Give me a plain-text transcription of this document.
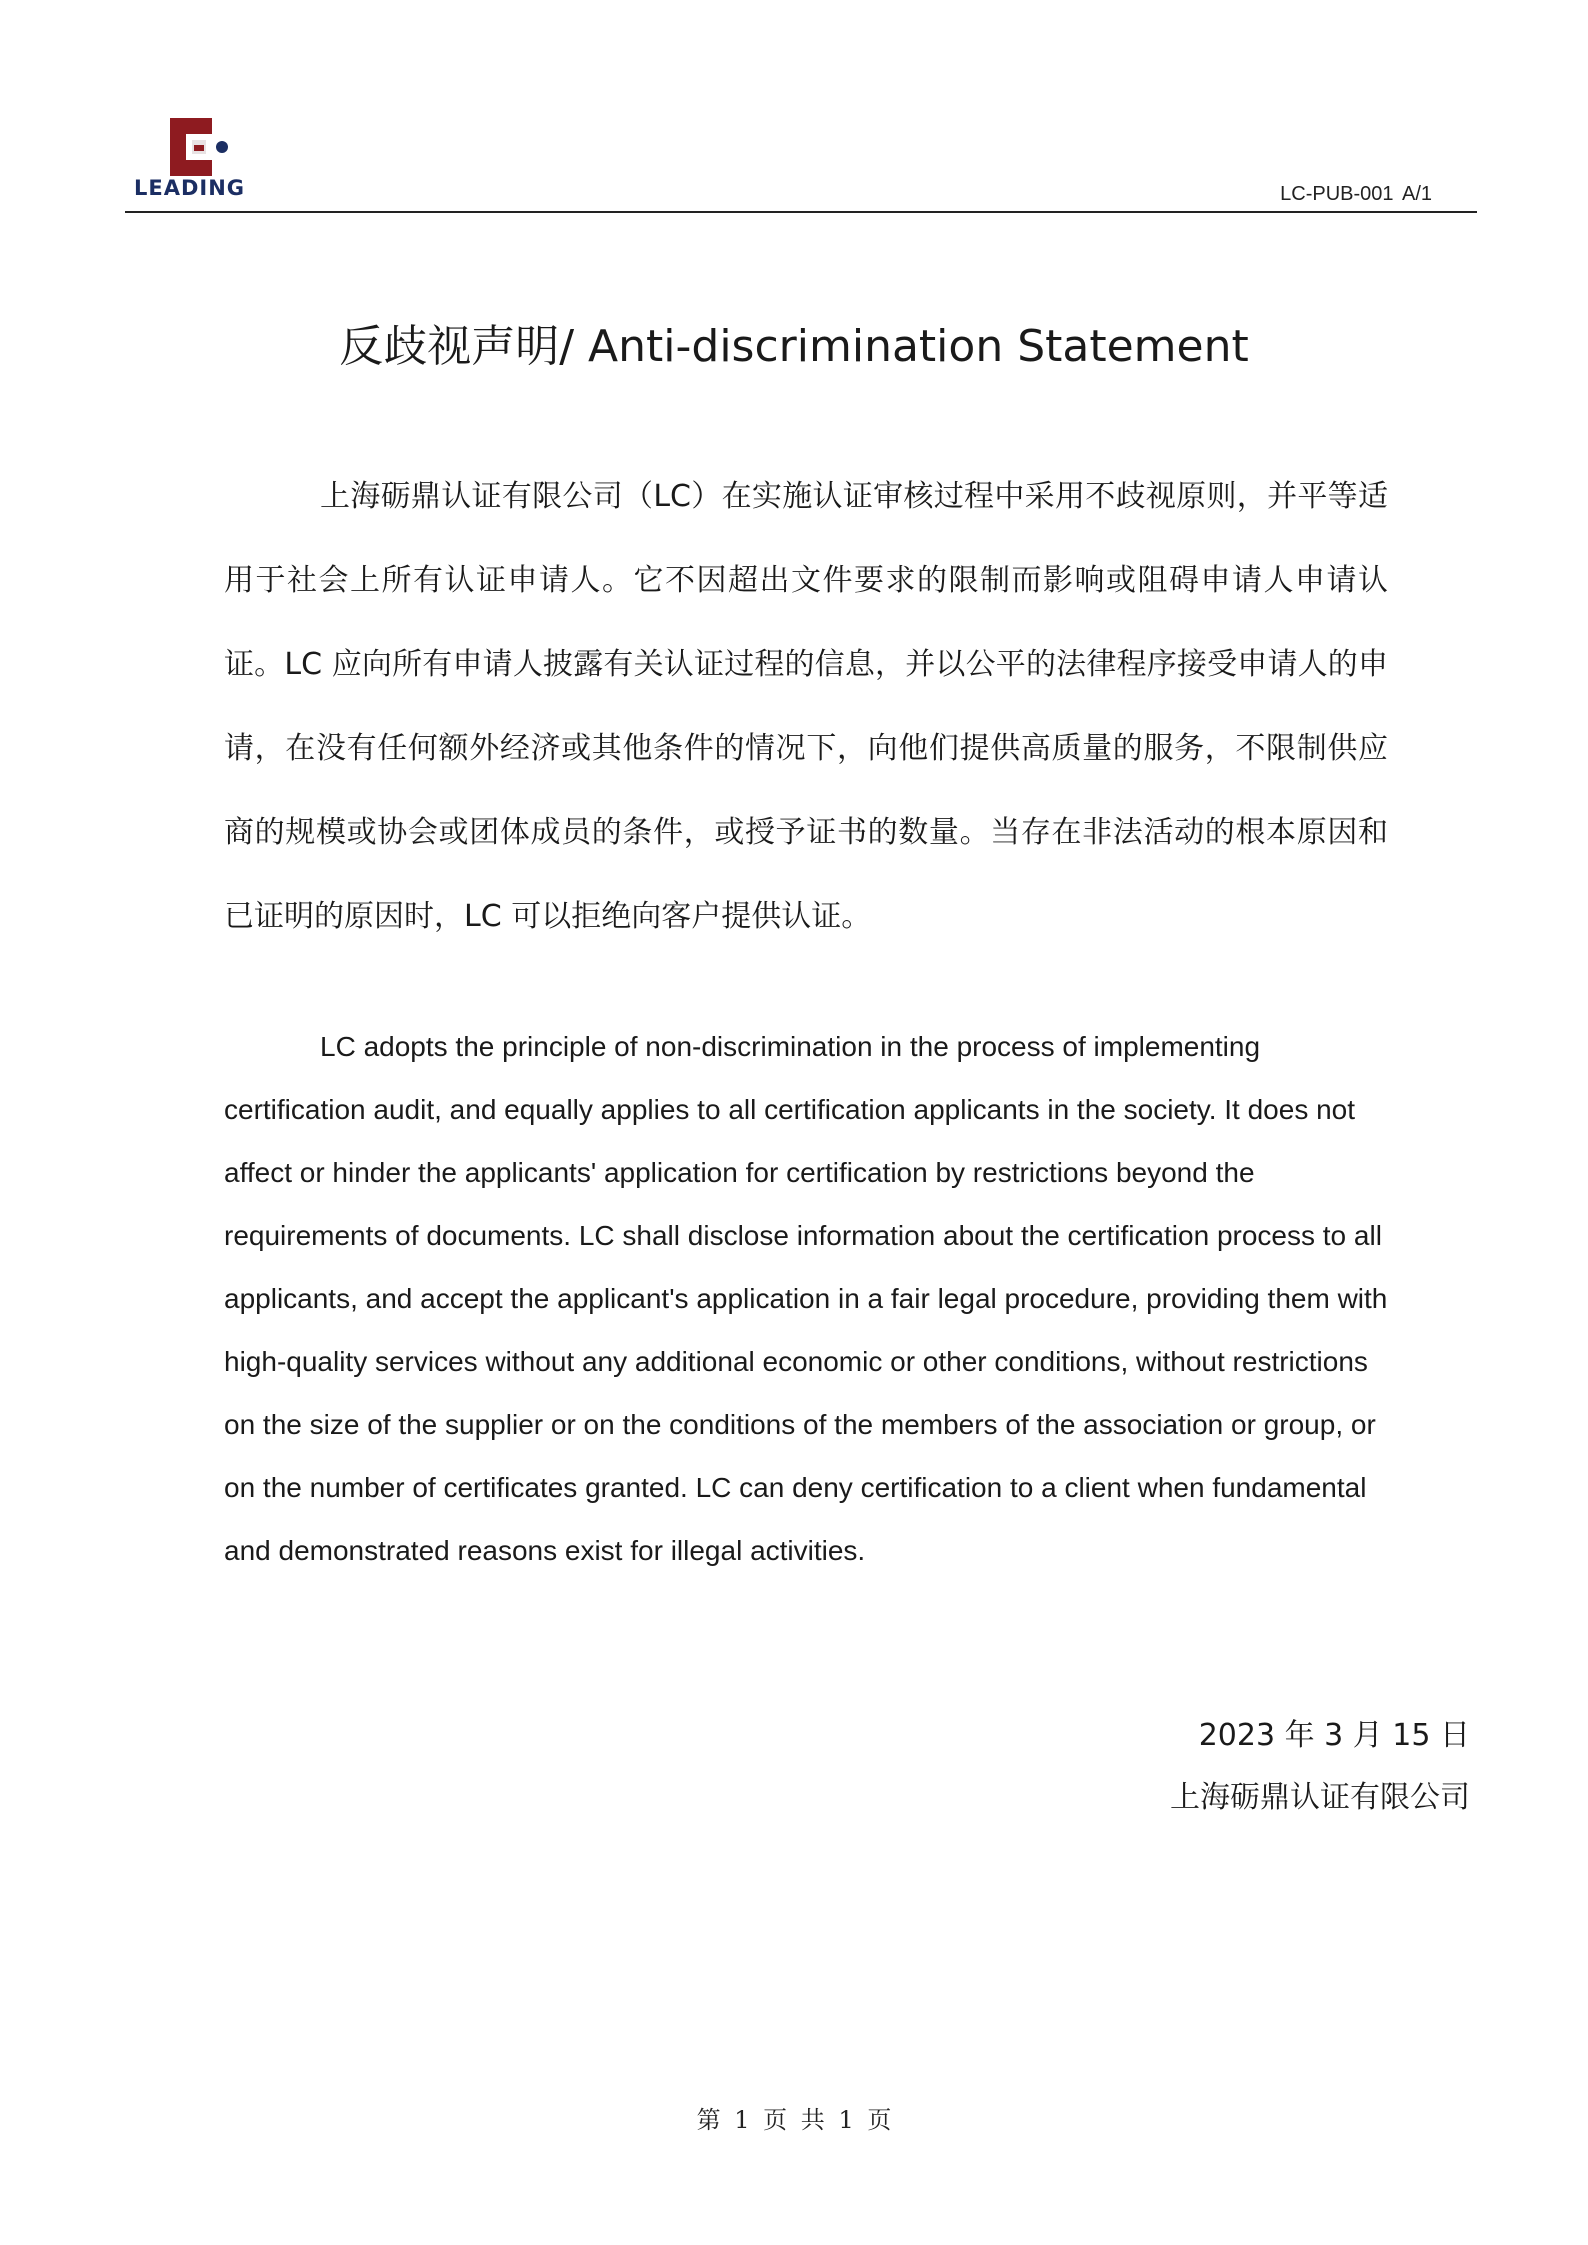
LEADING	LC-PUB-001 A/1
反歧视声明/ Anti-discrimination Statement

上海砺鼎认证有限公司（LC）在实施认证审核过程中采用不歧视原则，并平等适用于社会上所有认证申请人。它不因超出文件要求的限制而影响或阻碍申请人申请认证。LC 应向所有申请人披露有关认证过程的信息，并以公平的法律程序接受申请人的申请，在没有任何额外经济或其他条件的情况下，向他们提供高质量的服务，不限制供应商的规模或协会或团体成员的条件，或授予证书的数量。当存在非法活动的根本原因和已证明的原因时，LC 可以拒绝向客户提供认证。

LC adopts the principle of non-discrimination in the process of implementing certification audit, and equally applies to all certification applicants in the society. It does not affect or hinder the applicants' application for certification by restrictions beyond the requirements of documents. LC shall disclose information about the certification process to all applicants, and accept the applicant's application in a fair legal procedure, providing them with high-quality services without any additional economic or other conditions, without restrictions on the size of the supplier or on the conditions of the members of the association or group, or on the number of certificates granted. LC can deny certification to a client when fundamental and demonstrated reasons exist for illegal activities.

2023 年 3 月 15 日
上海砺鼎认证有限公司
第 1 页 共 1 页
